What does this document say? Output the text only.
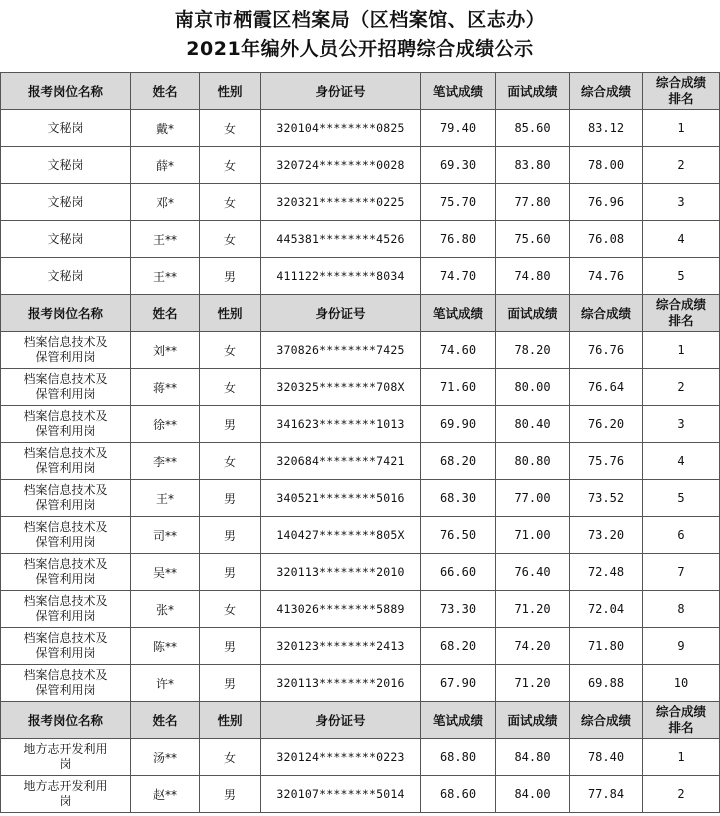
南京市栖霞区档案局（区档案馆、区志办）
2021年编外人员公开招聘综合成绩公示
报考岗位名称	姓名	性别	身份证号	笔试成绩	面试成绩	综合成绩	综合成绩排名
文秘岗	戴*	女	320104********0825	79.40	85.60	83.12	1
文秘岗	薛*	女	320724********0028	69.30	83.80	78.00	2
文秘岗	邓*	女	320321********0225	75.70	77.80	76.96	3
文秘岗	王**	女	445381********4526	76.80	75.60	76.08	4
文秘岗	王**	男	411122********8034	74.70	74.80	74.76	5
报考岗位名称	姓名	性别	身份证号	笔试成绩	面试成绩	综合成绩	综合成绩排名
档案信息技术及保管利用岗	刘**	女	370826********7425	74.60	78.20	76.76	1
档案信息技术及保管利用岗	蒋**	女	320325********708X	71.60	80.00	76.64	2
档案信息技术及保管利用岗	徐**	男	341623********1013	69.90	80.40	76.20	3
档案信息技术及保管利用岗	李**	女	320684********7421	68.20	80.80	75.76	4
档案信息技术及保管利用岗	王*	男	340521********5016	68.30	77.00	73.52	5
档案信息技术及保管利用岗	司**	男	140427********805X	76.50	71.00	73.20	6
档案信息技术及保管利用岗	吴**	男	320113********2010	66.60	76.40	72.48	7
档案信息技术及保管利用岗	张*	女	413026********5889	73.30	71.20	72.04	8
档案信息技术及保管利用岗	陈**	男	320123********2413	68.20	74.20	71.80	9
档案信息技术及保管利用岗	许*	男	320113********2016	67.90	71.20	69.88	10
报考岗位名称	姓名	性别	身份证号	笔试成绩	面试成绩	综合成绩	综合成绩排名
地方志开发利用岗	汤**	女	320124********0223	68.80	84.80	78.40	1
地方志开发利用岗	赵**	男	320107********5014	68.60	84.00	77.84	2
